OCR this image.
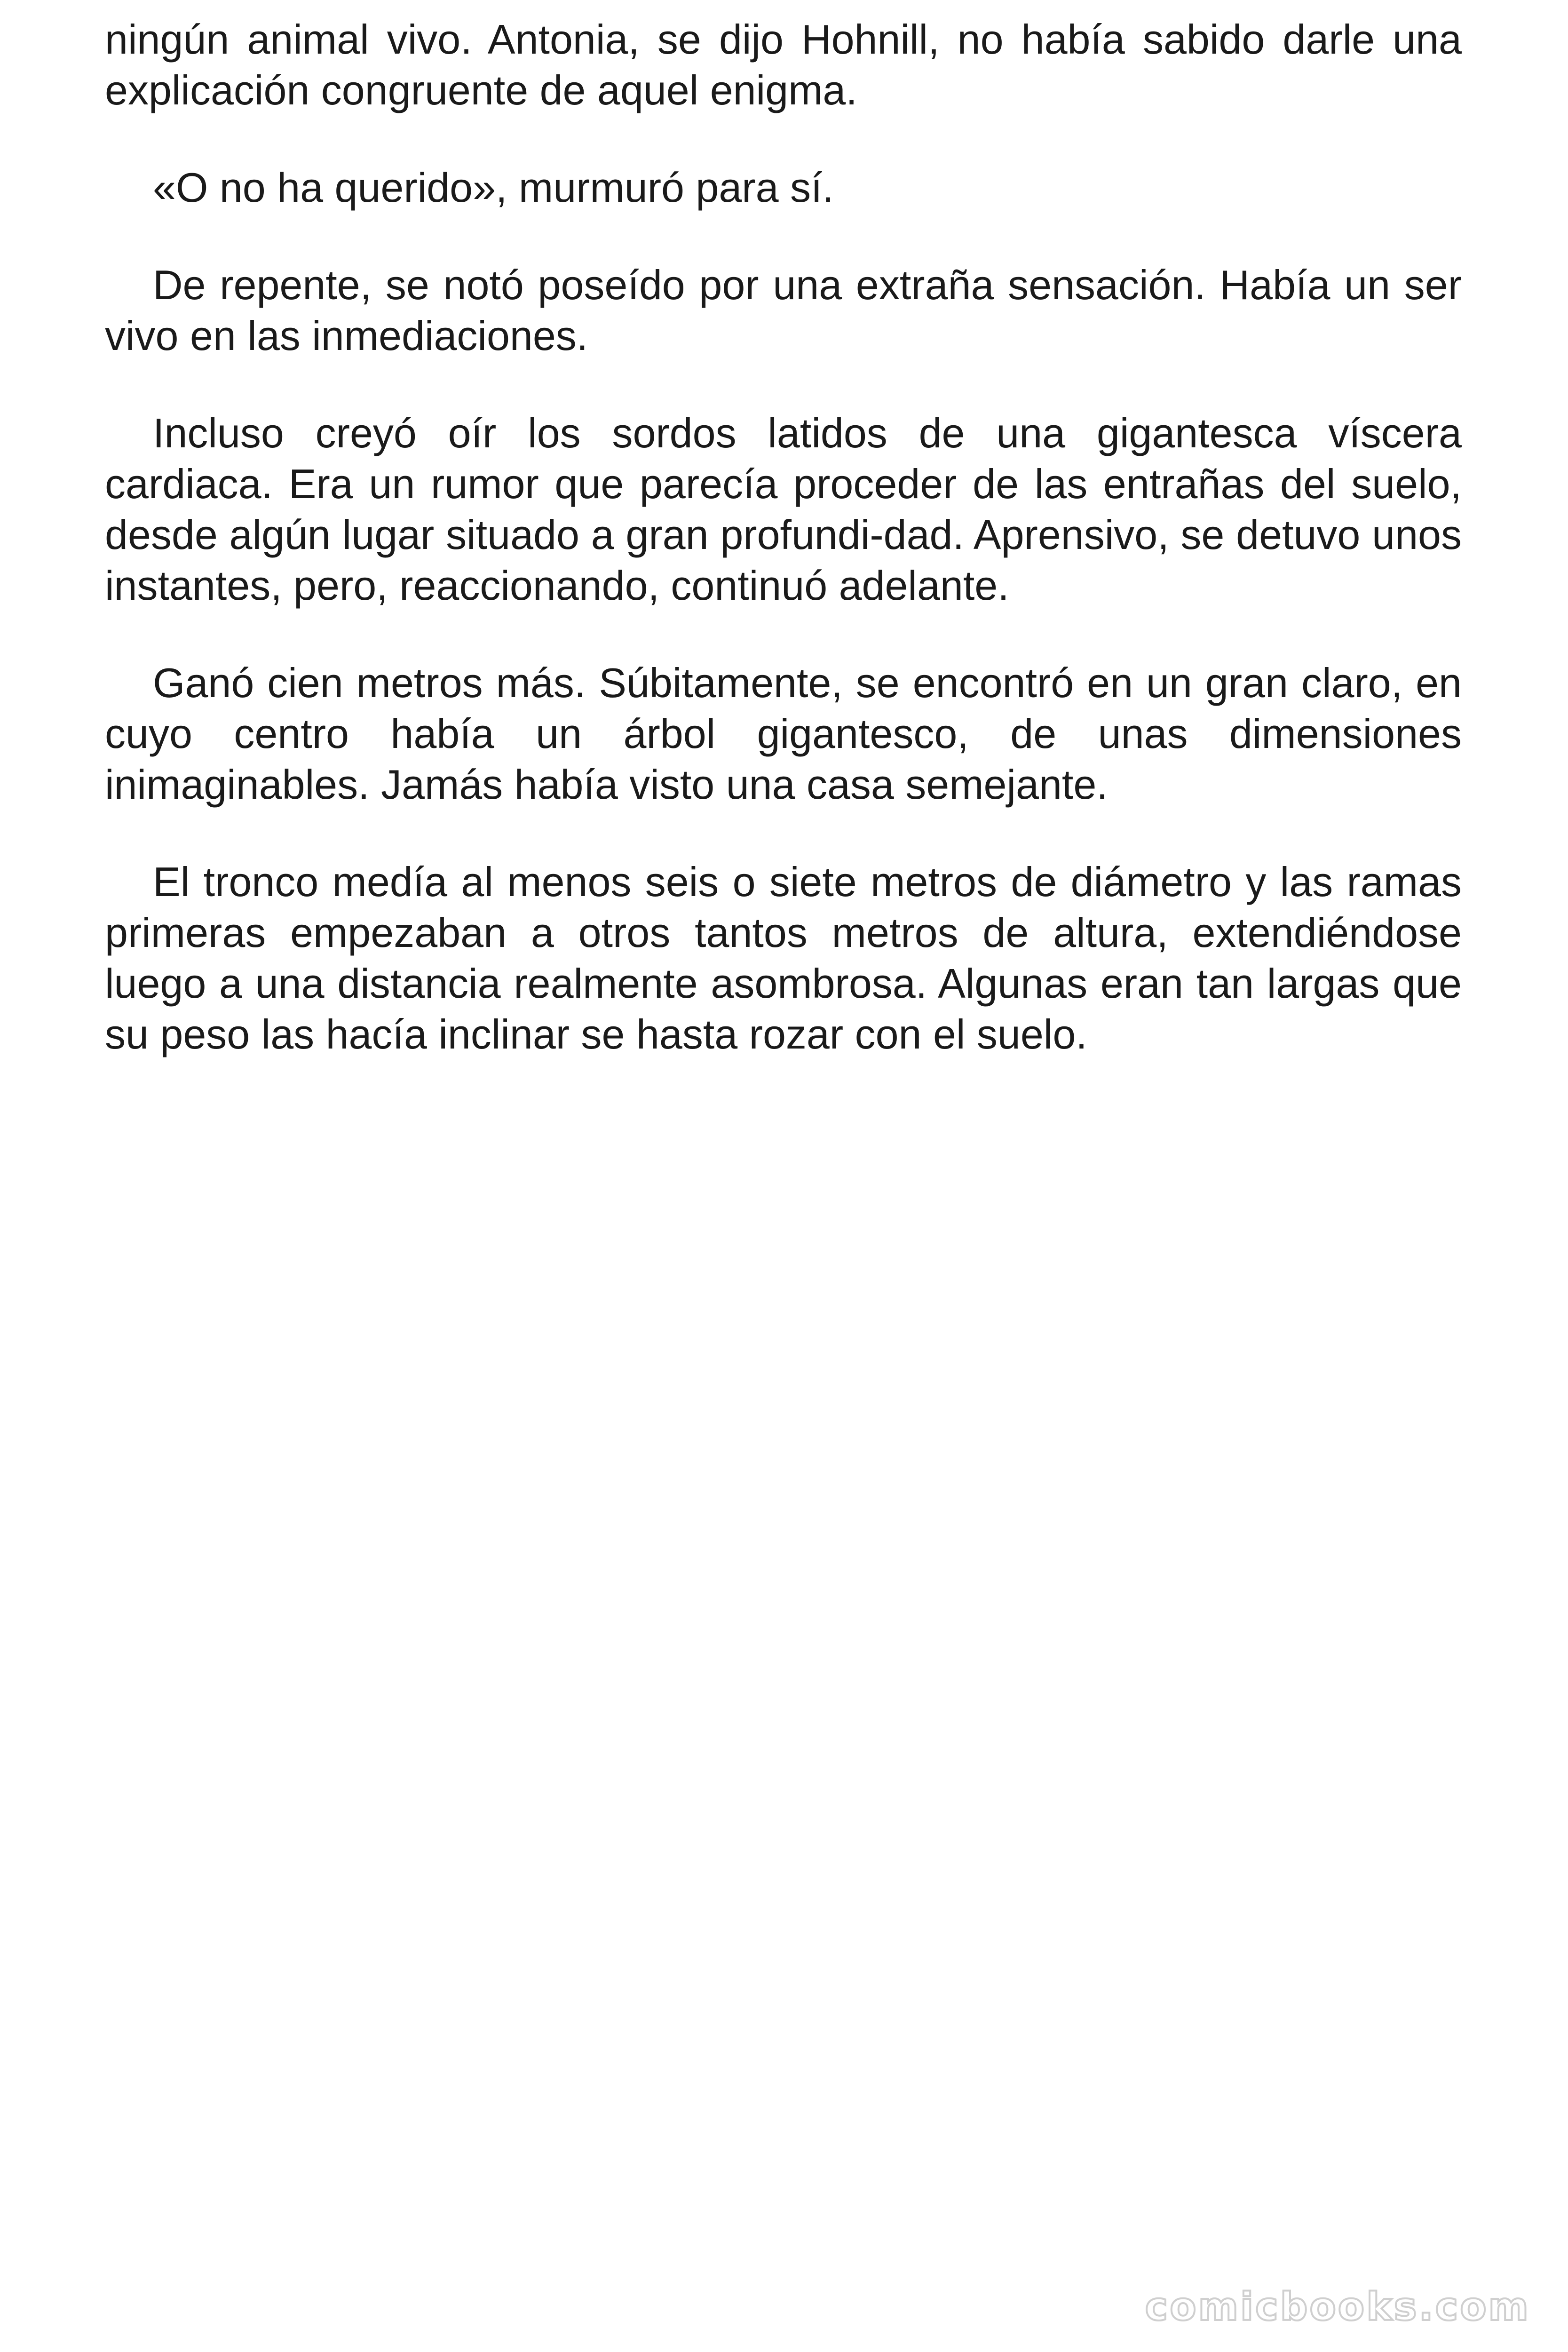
ningún animal vivo. Antonia, se dijo Hohnill, no había sabido darle una explicación congruente de aquel enigma.

«O no ha querido», murmuró para sí.

De repente, se notó poseído por una extraña sensación. Había un ser vivo en las inmediaciones.

Incluso creyó oír los sordos latidos de una gigantesca víscera cardiaca. Era un rumor que parecía proceder de las entrañas del suelo, desde algún lugar situado a gran profundi-dad. Aprensivo, se detuvo unos instantes, pero, reaccionando, continuó adelante.

Ganó cien metros más. Súbitamente, se encontró en un gran claro, en cuyo centro había un árbol gigantesco, de unas dimensiones inimaginables. Jamás había visto una casa semejante.

El tronco medía al menos seis o siete metros de diámetro y las ramas primeras empezaban a otros tantos metros de altura, extendiéndose luego a una distancia realmente asombrosa. Algunas eran tan largas que su peso las hacía inclinar se hasta rozar con el suelo.

comicbooks.com
